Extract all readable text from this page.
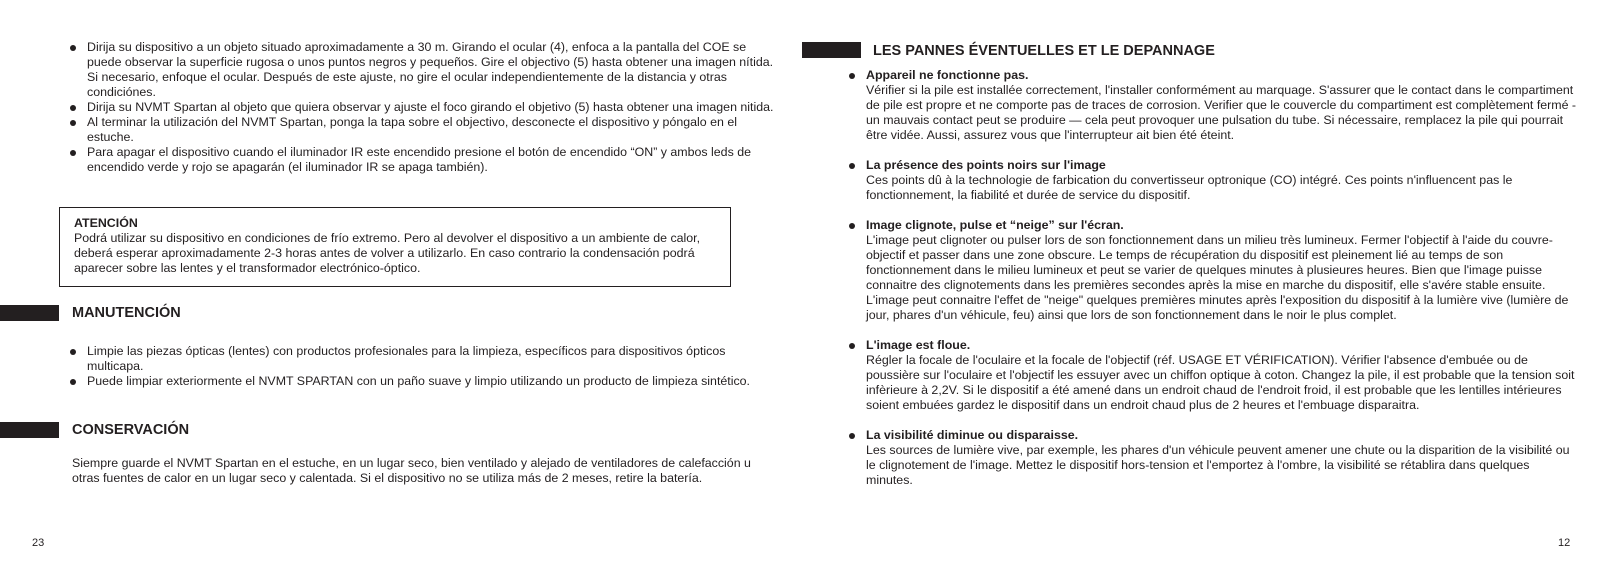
Dirija su dispositivo a un objeto situado aproximadamente a 30 m. Girando el ocular (4), enfoca a la pantalla del COE se puede observar la superficie rugosa o unos puntos negros y pequeños. Gire el objectivo (5) hasta obtener una imagen nítida. Si necesario, enfoque el ocular. Después de este ajuste, no gire el ocular independientemente de la distancia y otras condiciónes.
Dirija su NVMT Spartan al objeto que quiera observar y ajuste el foco girando el objetivo (5) hasta obtener una imagen nitida.
Al terminar la utilización del NVMT Spartan, ponga la tapa sobre el objectivo, desconecte el dispositivo y póngalo en el estuche.
Para apagar el dispositivo cuando el iluminador IR este encendido presione el botón de encendido “ON” y ambos leds de encendido verde y rojo se apagarán (el iluminador IR se apaga también).
ATENCIÓN
Podrá utilizar su dispositivo en condiciones de frío extremo. Pero al devolver el dispositivo a un ambiente de calor, deberá esperar aproximadamente 2-3 horas antes de volver a utilizarlo. En caso contrario la condensación podrá aparecer sobre las lentes y el transformador electrónico-óptico.
MANUTENCIÓN
Limpie las piezas ópticas (lentes) con productos profesionales para la limpieza, específicos para dispositivos ópticos multicapa.
Puede limpiar exteriormente el NVMT SPARTAN con un paño suave y limpio utilizando un producto de limpieza sintético.
CONSERVACIÓN
Siempre guarde el NVMT Spartan en el estuche, en un lugar seco, bien ventilado y alejado de ventiladores de calefacción u otras fuentes de calor en un lugar seco y calentada. Si el dispositivo no se utiliza más de 2 meses, retire la batería.
23
LES PANNES ÉVENTUELLES ET LE DEPANNAGE
Appareil ne fonctionne pas.
Vérifier si la pile est installée correctement, l'installer conformément au marquage. S'assurer que le contact dans le compartiment de pile est propre et ne comporte pas de traces de corrosion. Verifier que le couvercle du compartiment est complètement fermé - un mauvais contact peut se produire — cela peut provoquer une pulsation du tube. Si nécessaire, remplacez la pile qui pourrait être vidée. Aussi, assurez vous que l'interrupteur ait bien été éteint.
La présence des points noirs sur l'image
Ces points dû à la technologie de farbication du convertisseur optronique (CO) intégré. Ces points n'influencent pas le fonctionnement, la fiabilité et durée de service du dispositif.
Image clignote, pulse et “neige” sur l'écran.
L'image peut clignoter ou pulser lors de son fonctionnement dans un milieu très lumineux. Fermer l'objectif à l'aide du couvre-objectif et passer dans une zone obscure. Le temps de récupération du dispositif est pleinement lié au temps de son fonctionnement dans le milieu lumineux et peut se varier de quelques minutes à plusieures heures. Bien que l'image puisse connaitre des clignotements dans les premières secondes après la mise en marche du dispositif, elle s'avére stable ensuite. L'image peut connaitre l'effet de "neige" quelques premières minutes après l'exposition du dispositif à la lumière vive (lumière de jour, phares d'un véhicule, feu) ainsi que lors de son fonctionnement dans le noir le plus complet.
L'image est floue.
Régler la focale de l'oculaire et la focale de l'objectif (réf. USAGE ET VÉRIFICATION). Vérifier l'absence d'embuée ou de poussière sur l'oculaire et l'objectif les essuyer avec un chiffon optique à coton. Changez la pile, il est probable que la tension soit infèrieure à 2,2V. Si le dispositif a été amené dans un endroit chaud de l'endroit froid, il est probable que les lentilles intérieures soient embuées gardez le dispositif dans un endroit chaud plus de 2 heures et l'embuage disparaitra.
La visibilité diminue ou disparaisse.
Les sources de lumière vive, par exemple, les phares d'un véhicule peuvent amener une chute ou la disparition de la visibilité ou le clignotement de l'image. Mettez le dispositif hors-tension et l'emportez à l'ombre, la visibilité se rétablira dans quelques minutes.
12
